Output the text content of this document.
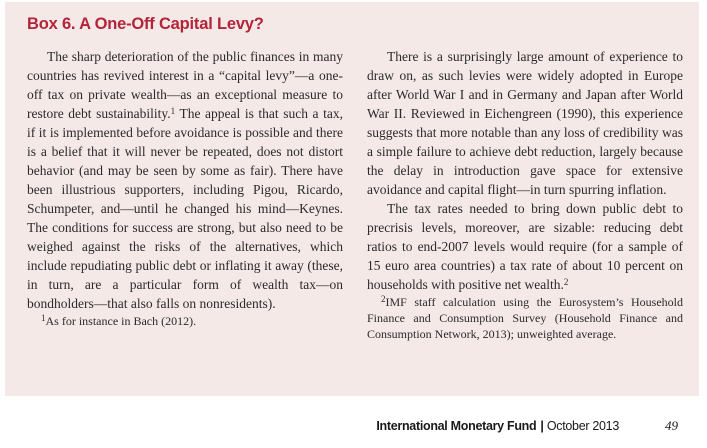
Box 6. A One-Off Capital Levy?

The sharp deterioration of the public finances in many countries has revived interest in a “capital levy”—a one-off tax on private wealth—as an exceptional measure to restore debt sustainability.$^1$ The appeal is that such a tax, if it is implemented before avoidance is possible and there is a belief that it will never be repeated, does not distort behavior (and may be seen by some as fair). There have been illustrious supporters, including Pigou, Ricardo, Schumpeter, and—until he changed his mind—Keynes. The conditions for success are strong, but also need to be weighed against the risks of the alternatives, which include repudiating public debt or inflating it away (these, in turn, are a particular form of wealth tax—on bondholders—that also falls on nonresidents).

$^1$As for instance in Bach (2012).

There is a surprisingly large amount of experience to draw on, as such levies were widely adopted in Europe after World War I and in Germany and Japan after World War II. Reviewed in Eichengreen (1990), this experience suggests that more notable than any loss of credibility was a simple failure to achieve debt reduction, largely because the delay in introduction gave space for extensive avoidance and capital flight—in turn spurring inflation.

The tax rates needed to bring down public debt to precrisis levels, moreover, are sizable: reducing debt ratios to end-2007 levels would require (for a sample of 15 euro area countries) a tax rate of about 10 percent on households with positive net wealth.$^2$

$^2$IMF staff calculation using the Eurosystem’s Household Finance and Consumption Survey (Household Finance and Consumption Network, 2013); unweighted average.

International Monetary Fund | October 2013	49
